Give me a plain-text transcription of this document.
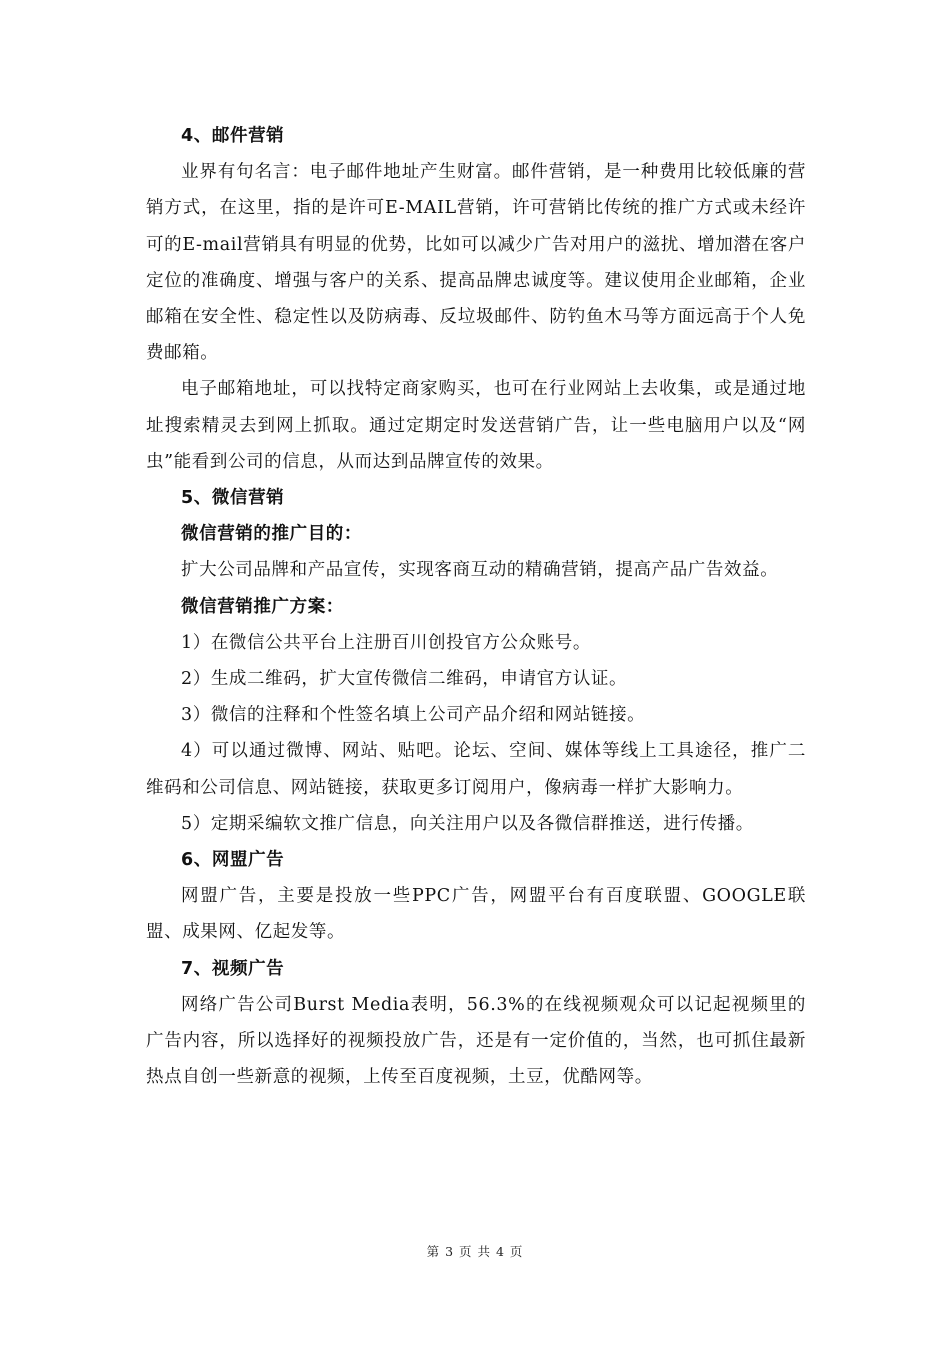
4、邮件营销

业界有句名言：电子邮件地址产生财富。邮件营销，是一种费用比较低廉的营销方式，在这里，指的是许可E-MAIL营销，许可营销比传统的推广方式或未经许可的E-mail营销具有明显的优势，比如可以减少广告对用户的滋扰、增加潜在客户定位的准确度、增强与客户的关系、提高品牌忠诚度等。建议使用企业邮箱，企业邮箱在安全性、稳定性以及防病毒、反垃圾邮件、防钓鱼木马等方面远高于个人免费邮箱。

电子邮箱地址，可以找特定商家购买，也可在行业网站上去收集，或是通过地址搜索精灵去到网上抓取。通过定期定时发送营销广告，让一些电脑用户以及“网虫”能看到公司的信息，从而达到品牌宣传的效果。

5、微信营销

微信营销的推广目的：

扩大公司品牌和产品宣传，实现客商互动的精确营销，提高产品广告效益。

微信营销推广方案：

1）在微信公共平台上注册百川创投官方公众账号。

2）生成二维码，扩大宣传微信二维码，申请官方认证。

3）微信的注释和个性签名填上公司产品介绍和网站链接。

4）可以通过微博、网站、贴吧。论坛、空间、媒体等线上工具途径，推广二维码和公司信息、网站链接，获取更多订阅用户，像病毒一样扩大影响力。

5）定期采编软文推广信息，向关注用户以及各微信群推送，进行传播。

6、网盟广告

网盟广告，主要是投放一些PPC广告，网盟平台有百度联盟、GOOGLE联盟、成果网、亿起发等。

7、视频广告

网络广告公司Burst Media表明，56.3%的在线视频观众可以记起视频里的广告内容，所以选择好的视频投放广告，还是有一定价值的，当然，也可抓住最新热点自创一些新意的视频，上传至百度视频，土豆，优酷网等。

第 3 页 共 4 页
